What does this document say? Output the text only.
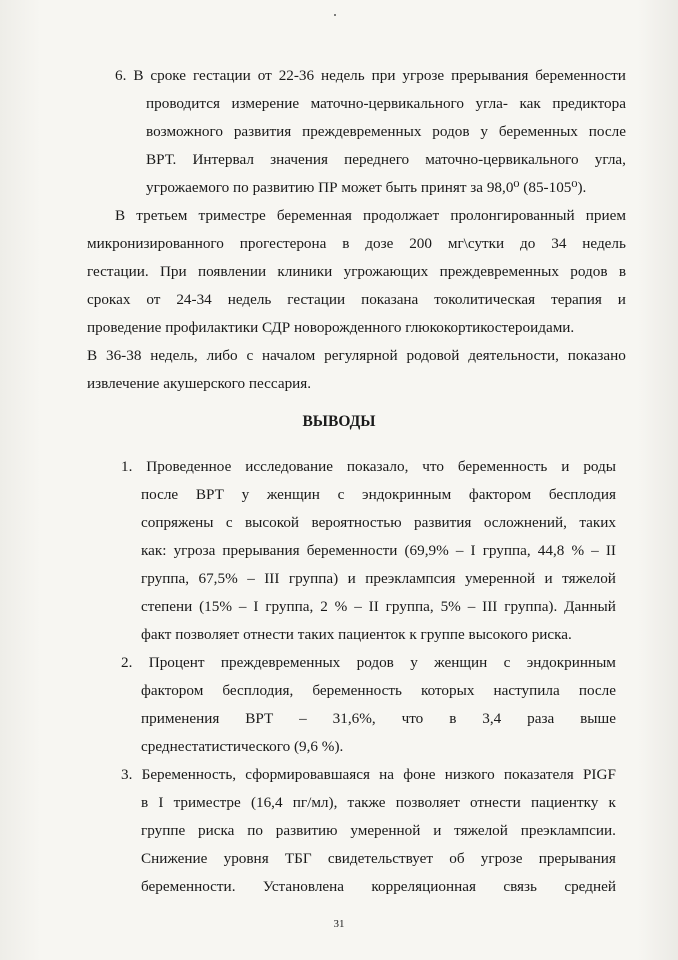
6. В сроке гестации от 22-36 недель при угрозе прерывания беременности
проводится измерение маточно-цервикального угла- как предиктора
возможного развития преждевременных родов у беременных после
ВРТ. Интервал значения переднего маточно-цервикального угла,
угрожаемого по развитию ПР может быть принят за 98,0⁰ (85-105⁰).
В третьем триместре беременная продолжает пролонгированный прием
микронизированного прогестерона в дозе 200 мг\сутки до 34 недель
гестации. При появлении клиники угрожающих преждевременных родов в
сроках от 24-34 недель гестации показана токолитическая терапия и
проведение профилактики СДР новорожденного глюкокортикостероидами.
В 36-38 недель, либо с началом регулярной родовой деятельности, показано
извлечение акушерского пессария.
ВЫВОДЫ
1. Проведенное исследование показало, что беременность и роды
после ВРТ у женщин с эндокринным фактором бесплодия
сопряжены с высокой вероятностью развития осложнений, таких
как: угроза прерывания беременности (69,9% – I группа, 44,8 % – II
группа, 67,5% – III группа) и преэклампсия умеренной и тяжелой
степени (15% – I группа, 2 % – II группа, 5% – III группа). Данный
факт позволяет отнести таких пациенток к группе высокого риска.
2. Процент преждевременных родов у женщин с эндокринным
фактором бесплодия, беременность которых наступила после
применения ВРТ – 31,6%, что в 3,4 раза выше
среднестатистического (9,6 %).
3. Беременность, сформировавшаяся на фоне низкого показателя PIGF
в I триместре (16,4 пг/мл), также позволяет отнести пациентку к
группе риска по развитию умеренной и тяжелой преэклампсии.
Снижение уровня ТБГ свидетельствует об угрозе прерывания
беременности. Установлена корреляционная связь средней
31
